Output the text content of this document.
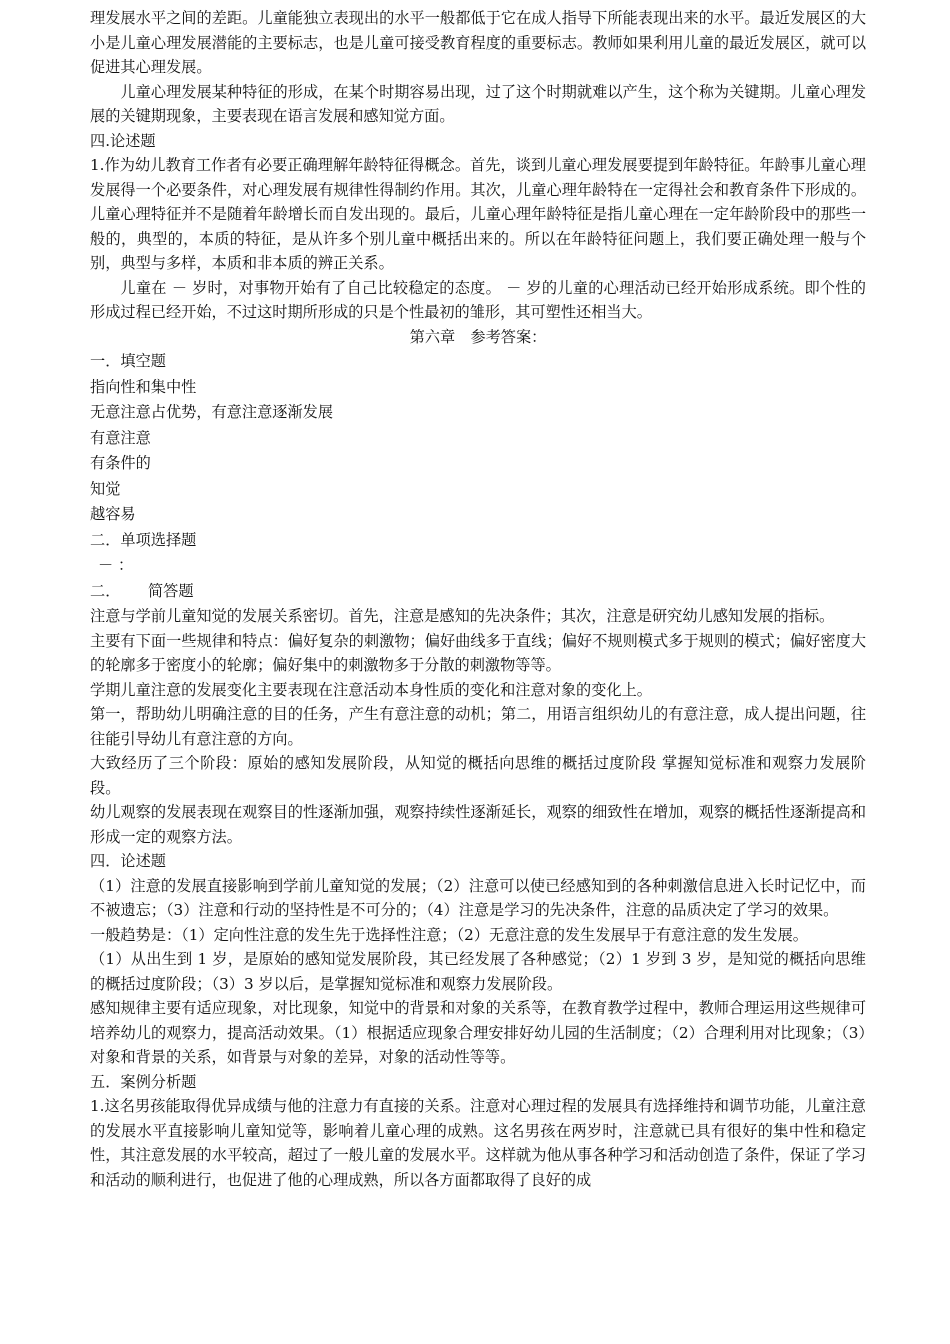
理发展水平之间的差距。儿童能独立表现出的水平一般都低于它在成人指导下所能表现出来的水平。最近发展区的大小是儿童心理发展潜能的主要标志，也是儿童可接受教育程度的重要标志。教师如果利用儿童的最近发展区，就可以促进其心理发展。

儿童心理发展某种特征的形成，在某个时期容易出现，过了这个时期就难以产生，这个称为关键期。儿童心理发展的关键期现象，主要表现在语言发展和感知觉方面。

四.论述题

1.作为幼儿教育工作者有必要正确理解年龄特征得概念。首先，谈到儿童心理发展要提到年龄特征。年龄事儿童心理发展得一个必要条件，对心理发展有规律性得制约作用。其次，儿童心理年龄特在一定得社会和教育条件下形成的。儿童心理特征并不是随着年龄增长而自发出现的。最后，儿童心理年龄特征是指儿童心理在一定年龄阶段中的那些一般的，典型的，本质的特征，是从许多个别儿童中概括出来的。所以在年龄特征问题上，我们要正确处理一般与个别，典型与多样，本质和非本质的辨正关系。

儿童在 － 岁时，对事物开始有了自己比较稳定的态度。 － 岁的儿童的心理活动已经开始形成系统。即个性的形成过程已经开始，不过这时期所形成的只是个性最初的雏形，其可塑性还相当大。

第六章　参考答案：

一．填空题

指向性和集中性

无意注意占优势，有意注意逐渐发展

有意注意

有条件的

知觉

越容易

二．单项选择题

－ ：

二．　　 简答题

注意与学前儿童知觉的发展关系密切。首先，注意是感知的先决条件；其次，注意是研究幼儿感知发展的指标。

主要有下面一些规律和特点：偏好复杂的刺激物；偏好曲线多于直线；偏好不规则模式多于规则的模式；偏好密度大的轮廓多于密度小的轮廓；偏好集中的刺激物多于分散的刺激物等等。

学期儿童注意的发展变化主要表现在注意活动本身性质的变化和注意对象的变化上。

第一，帮助幼儿明确注意的目的任务，产生有意注意的动机；第二，用语言组织幼儿的有意注意，成人提出问题，往往能引导幼儿有意注意的方向。

大致经历了三个阶段：原始的感知发展阶段，从知觉的概括向思维的概括过度阶段 掌握知觉标准和观察力发展阶段。

幼儿观察的发展表现在观察目的性逐渐加强，观察持续性逐渐延长，观察的细致性在增加，观察的概括性逐渐提高和形成一定的观察方法。

四．论述题

（1）注意的发展直接影响到学前儿童知觉的发展；（2）注意可以使已经感知到的各种刺激信息进入长时记忆中，而不被遗忘；（3）注意和行动的坚持性是不可分的；（4）注意是学习的先决条件，注意的品质决定了学习的效果。

一般趋势是：（1）定向性注意的发生先于选择性注意；（2）无意注意的发生发展早于有意注意的发生发展。

（1）从出生到 1 岁，是原始的感知觉发展阶段，其已经发展了各种感觉；（2）1 岁到 3 岁，是知觉的概括向思维的概括过度阶段；（3）3 岁以后，是掌握知觉标准和观察力发展阶段。

感知规律主要有适应现象，对比现象，知觉中的背景和对象的关系等，在教育教学过程中，教师合理运用这些规律可培养幼儿的观察力，提高活动效果。（1）根据适应现象合理安排好幼儿园的生活制度；（2）合理利用对比现象；（3）对象和背景的关系，如背景与对象的差异，对象的活动性等等。

五．案例分析题

1.这名男孩能取得优异成绩与他的注意力有直接的关系。注意对心理过程的发展具有选择维持和调节功能，儿童注意的发展水平直接影响儿童知觉等，影响着儿童心理的成熟。这名男孩在两岁时，注意就已具有很好的集中性和稳定性，其注意发展的水平较高，超过了一般儿童的发展水平。这样就为他从事各种学习和活动创造了条件，保证了学习和活动的顺利进行，也促进了他的心理成熟，所以各方面都取得了良好的成
